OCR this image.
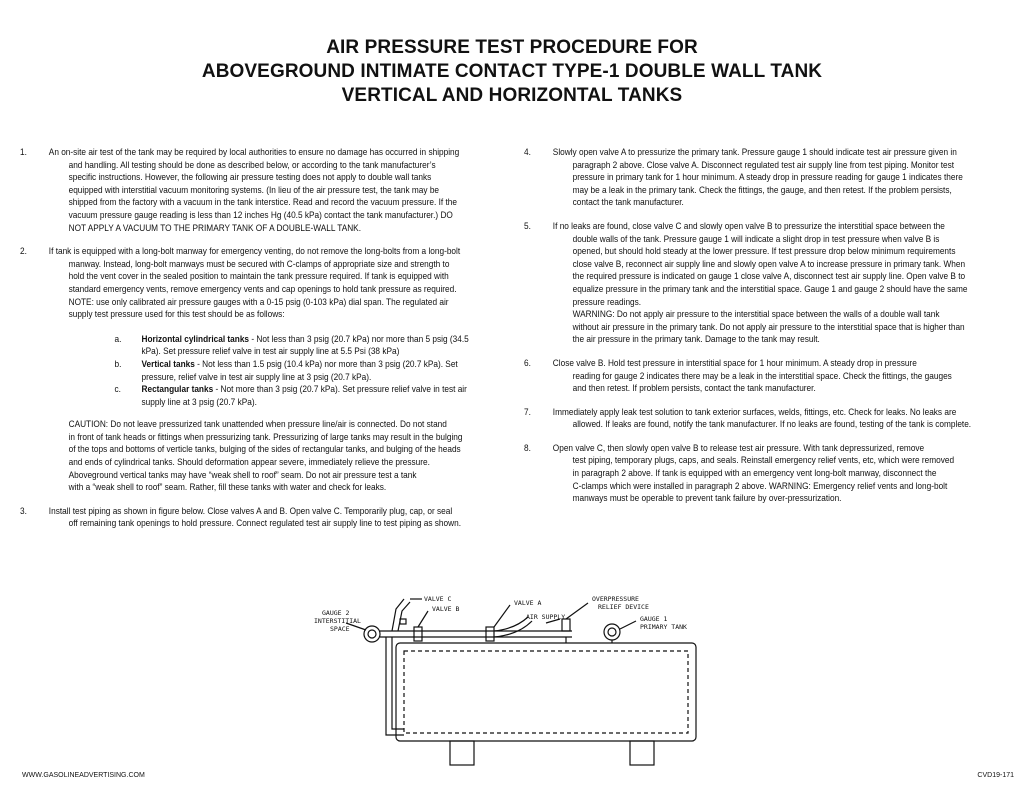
AIR PRESSURE TEST PROCEDURE FOR
ABOVEGROUND INTIMATE CONTACT TYPE-1 DOUBLE WALL TANK
VERTICAL AND HORIZONTAL TANKS
1. An on-site air test of the tank may be required by local authorities to ensure no damage has occurred in shipping
and handling. All testing should be done as described below, or according to the tank manufacturer’s
specific instructions. However, the following air pressure testing does not apply to double wall tanks
equipped with interstitial vacuum monitoring systems. (In lieu of the air pressure test, the tank may be
shipped from the factory with a vacuum in the tank interstice. Read and record the vacuum pressure. If the
vacuum pressure gauge reading is less than 12 inches Hg (40.5 kPa) contact the tank manufacturer.) DO
NOT APPLY A VACUUM TO THE PRIMARY TANK OF A DOUBLE-WALL TANK.
2. If tank is equipped with a long-bolt manway for emergency venting, do not remove the long-bolts from a long-bolt
manway. Instead, long-bolt manways must be secured with C-clamps of appropriate size and strength to
hold the vent cover in the sealed position to maintain the tank pressure required. If tank is equipped with
standard emergency vents, remove emergency vents and cap openings to hold tank pressure as required.
NOTE: use only calibrated air pressure gauges with a 0-15 psig (0-103 kPa) dial span. The regulated air
supply test pressure used for this test should be as follows:
a. Horizontal cylindrical tanks - Not less than 3 psig (20.7 kPa) nor more than 5 psig (34.5
kPa). Set pressure relief valve in test air supply line at 5.5 Psi (38 kPa)
b. Vertical tanks - Not less than 1.5 psig (10.4 kPa) nor more than 3 psig (20.7 kPa). Set
pressure, relief valve in test air supply line at 3 psig (20.7 kPa).
c. Rectangular tanks - Not more than 3 psig (20.7 kPa). Set pressure relief valve in test air
supply line at 3 psig (20.7 kPa).
CAUTION: Do not leave pressurized tank unattended when pressure line/air is connected. Do not stand
in front of tank heads or fittings when pressurizing tank. Pressurizing of large tanks may result in the bulging
of the tops and bottoms of verticle tanks, bulging of the sides of rectangular tanks, and bulging of the heads
and ends of cylindrical tanks. Should deformation appear severe, immediately relieve the pressure.
Aboveground vertical tanks may have “weak shell to roof” seam. Do not air pressure test a tank
with a “weak shell to roof” seam. Rather, fill these tanks with water and check for leaks.
3. Install test piping as shown in figure below. Close valves A and B. Open valve C. Temporarily plug, cap, or seal
off remaining tank openings to hold pressure. Connect regulated test air supply line to test piping as shown.
4. Slowly open valve A to pressurize the primary tank. Pressure gauge 1 should indicate test air pressure given in
paragraph 2 above. Close valve A. Disconnect regulated test air supply line from test piping. Monitor test
pressure in primary tank for 1 hour minimum. A steady drop in pressure reading for gauge 1 indicates there
may be a leak in the primary tank. Check the fittings, the gauge, and then retest. If the problem persists,
contact the tank manufacturer.
5. If no leaks are found, close valve C and slowly open valve B to pressurize the interstitial space between the
double walls of the tank. Pressure gauge 1 will indicate a slight drop in test pressure when valve B is
opened, but should hold steady at the lower pressure. If test pressure drop below minimum requirements
close valve B, reconnect air supply line and slowly open valve A to increase pressure in primary tank. When
the required pressure is indicated on gauge 1 close valve A, disconnect test air supply line. Open valve B to
equalize pressure in the primary tank and the interstitial space. Gauge 1 and gauge 2 should have the same
pressure readings.
WARNING: Do not apply air pressure to the interstitial space between the walls of a double wall tank
without air pressure in the primary tank. Do not apply air pressure to the interstitial space that is higher than
the air pressure in the primary tank. Damage to the tank may result.
6. Close valve B. Hold test pressure in interstitial space for 1 hour minimum. A steady drop in pressure
reading for gauge 2 indicates there may be a leak in the interstitial space. Check the fittings, the gauges
and then retest. If problem persists, contact the tank manufacturer.
7. Immediately apply leak test solution to tank exterior surfaces, welds, fittings, etc. Check for leaks. No leaks are
allowed. If leaks are found, notify the tank manufacturer. If no leaks are found, testing of the tank is complete.
8. Open valve C, then slowly open valve B to release test air pressure. With tank depressurized, remove
test piping, temporary plugs, caps, and seals. Reinstall emergency relief vents, etc, which were removed
in paragraph 2 above. If tank is equipped with an emergency vent long-bolt manway, disconnect the
C-clamps which were installed in paragraph 2 above. WARNING: Emergency relief vents and long-bolt
manways must be operable to prevent tank failure by over-pressurization.
GAUGE 2
INTERSTITIAL
SPACE
VALVE C
VALVE B
VALVE A
AIR SUPPLY
OVERPRESSURE
RELIEF DEVICE
GAUGE 1
PRIMARY TANK
WWW.GASOLINEADVERTISING.COM	CVD19-171
